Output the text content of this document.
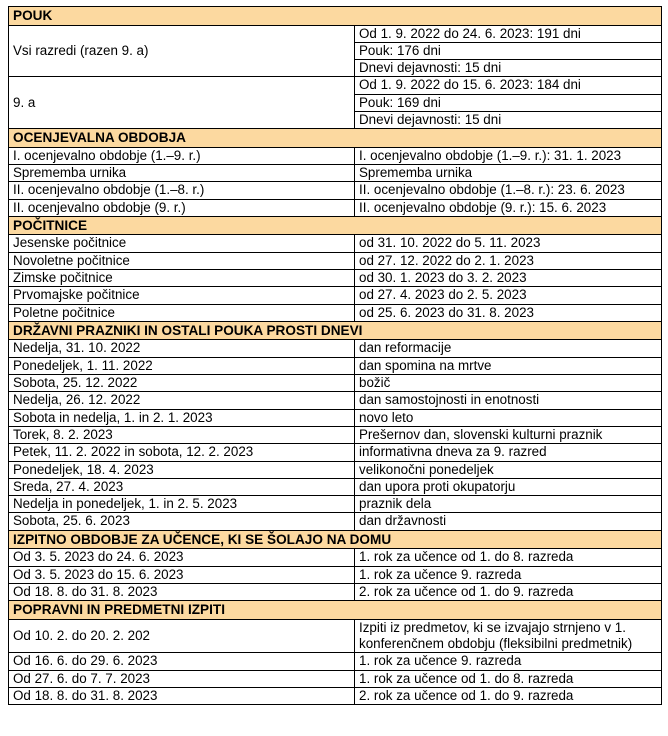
POUK	
Vsi razredi (razen 9. a)	Od 1. 9. 2022 do 24. 6. 2023: 191 dni
	Pouk: 176 dni
	Dnevi dejavnosti: 15 dni
9. a	Od 1. 9. 2022 do 15. 6. 2023: 184 dni
	Pouk: 169 dni
	Dnevi dejavnosti: 15 dni
OCENJEVALNA OBDOBJA	
I. ocenjevalno obdobje (1.–9. r.)	I. ocenjevalno obdobje (1.–9. r.): 31. 1. 2023
Sprememba urnika	Sprememba urnika
II. ocenjevalno obdobje (1.–8. r.)	II. ocenjevalno obdobje (1.–8. r.): 23. 6. 2023
II. ocenjevalno obdobje (9. r.)	II. ocenjevalno obdobje (9. r.): 15. 6. 2023
POČITNICE	
Jesenske počitnice	od 31. 10. 2022 do 5. 11. 2023
Novoletne počitnice	od 27. 12. 2022 do 2. 1. 2023
Zimske počitnice	od 30. 1. 2023 do 3. 2. 2023
Prvomajske počitnice	od 27. 4. 2023 do 2. 5. 2023
Poletne počitnice	od 25. 6. 2023 do 31. 8. 2023
DRŽAVNI PRAZNIKI IN OSTALI POUKA PROSTI DNEVI	
Nedelja, 31. 10. 2022	dan reformacije
Ponedeljek, 1. 11. 2022	dan spomina na mrtve
Sobota, 25. 12. 2022	božič
Nedelja, 26. 12. 2022	dan samostojnosti in enotnosti
Sobota in nedelja, 1. in 2. 1. 2023	novo leto
Torek, 8. 2. 2023	Prešernov dan, slovenski kulturni praznik
Petek, 11. 2. 2022 in sobota, 12. 2. 2023	informativna dneva za 9. razred
Ponedeljek, 18. 4. 2023	velikonočni ponedeljek
Sreda, 27. 4. 2023	dan upora proti okupatorju
Nedelja in ponedeljek, 1. in 2. 5. 2023	praznik dela
Sobota, 25. 6. 2023	dan državnosti
IZPITNO OBDOBJE ZA UČENCE, KI SE ŠOLAJO NA DOMU	
Od 3. 5. 2023 do 24. 6. 2023	1. rok za učence od 1. do 8. razreda
Od 3. 5. 2023 do 15. 6. 2023	1. rok za učence 9. razreda
Od 18. 8. do 31. 8. 2023	2. rok za učence od 1. do 9. razreda
POPRAVNI IN PREDMETNI IZPITI	
Od 10. 2. do 20. 2. 202	Izpiti iz predmetov, ki se izvajajo strnjeno v 1. konferenčnem obdobju (fleksibilni predmetnik)
Od 16. 6. do 29. 6. 2023	1. rok za učence 9. razreda
Od 27. 6. do 7. 7. 2023	1. rok za učence od 1. do 8. razreda
Od 18. 8. do 31. 8. 2023	2. rok za učence od 1. do 9. razreda
